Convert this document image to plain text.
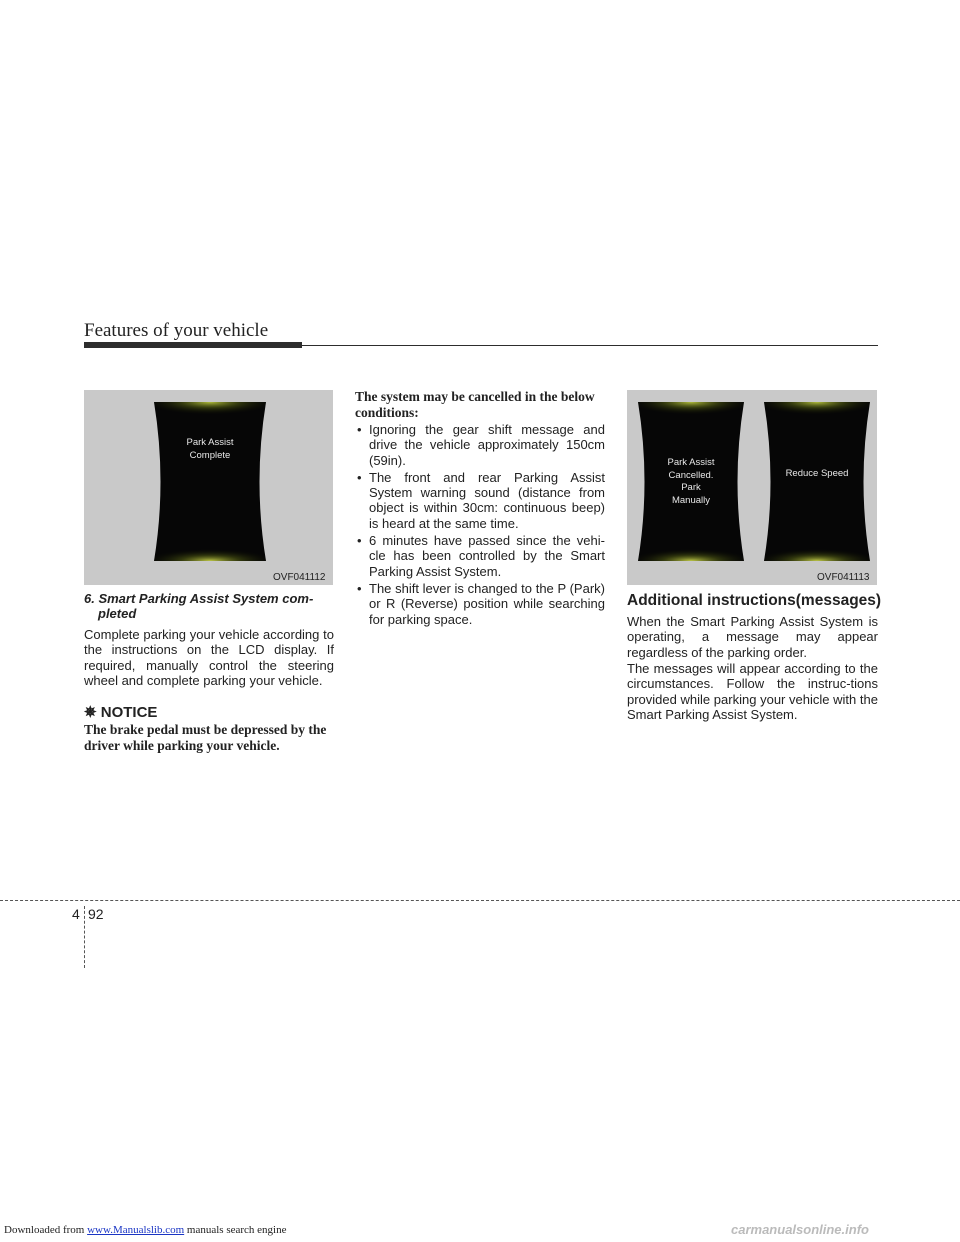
Features of your vehicle
Park Assist
Complete
OVF041112
6. Smart Parking Assist System com-
pleted
Complete parking your vehicle according to the instructions on the LCD display. If required, manually control the steering wheel and complete parking your vehicle.
✵ NOTICE
The brake pedal must be depressed by the driver while parking your vehicle.
The system may be cancelled in the below conditions:
• Ignoring the gear shift message and drive the vehicle approximately 150cm (59in).
• The front and rear Parking Assist System warning sound (distance from object is within 30cm: continuous beep) is heard at the same time.
• 6 minutes have passed since the vehi-cle has been controlled by the Smart Parking Assist System.
• The shift lever is changed to the P (Park) or R (Reverse) position while searching for parking space.
Park Assist
Cancelled.
Park
Manually
Reduce Speed
OVF041113
Additional instructions(messages)
When the Smart Parking Assist System is operating, a message may appear regardless of the parking order.
The messages will appear according to the circumstances. Follow the instruc-tions provided while parking your vehicle with the Smart Parking Assist System.
4 92
Downloaded from www.Manualslib.com manuals search engine	carmanualsonline.info
